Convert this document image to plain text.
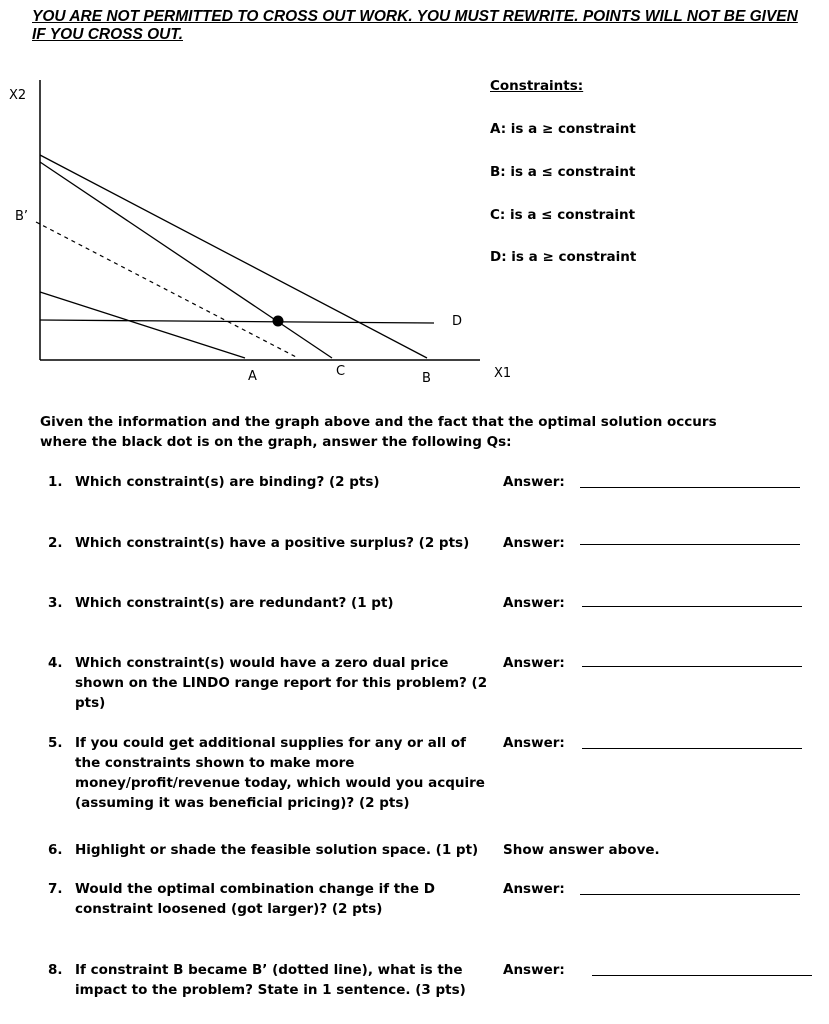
YOU ARE NOT PERMITTED TO CROSS OUT WORK. YOU MUST REWRITE. POINTS WILL NOT BE GIVEN IF YOU CROSS OUT.

X2
B’
D
A	C	B	X1
Constraints:
A: is a ≥ constraint
B: is a ≤ constraint
C: is a ≤ constraint
D: is a ≥ constraint

Given the information and the graph above and the fact that the optimal solution occurs where the black dot is on the graph, answer the following Qs:

1. Which constraint(s) are binding? (2 pts)	Answer:
2. Which constraint(s) have a positive surplus? (2 pts)	Answer:
3. Which constraint(s) are redundant? (1 pt)	Answer:
4. Which constraint(s) would have a zero dual price shown on the LINDO range report for this problem? (2 pts)
Answer:
5. If you could get additional supplies for any or all of the constraints shown to make more money/profit/revenue today, which would you acquire (assuming it was beneficial pricing)? (2 pts)
Answer:
6. Highlight or shade the feasible solution space. (1 pt)	Show answer above.
7. Would the optimal combination change if the D constraint loosened (got larger)? (2 pts)
Answer:
8. If constraint B became B’ (dotted line), what is the impact to the problem? State in 1 sentence. (3 pts)
Answer:
